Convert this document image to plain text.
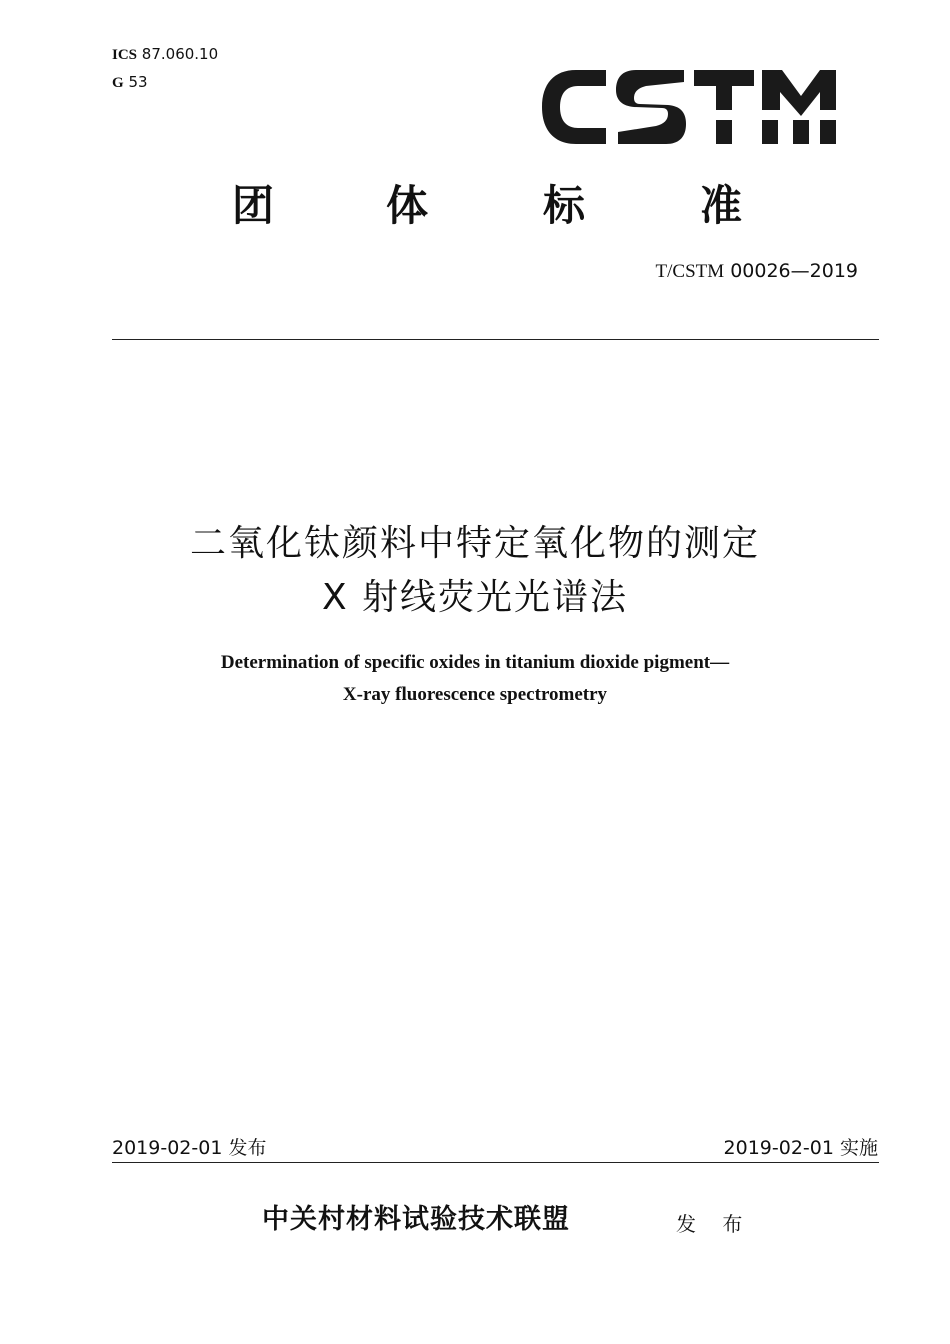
ICS 87.060.10
G 53
团	体	标	准
T/CSTM 00026—2019
二氧化钛颜料中特定氧化物的测定
X 射线荧光光谱法
Determination of specific oxides in titanium dioxide pigment—
X-ray fluorescence spectrometry
2019-02-01 发布	2019-02-01 实施
中关村材料试验技术联盟	发 布
